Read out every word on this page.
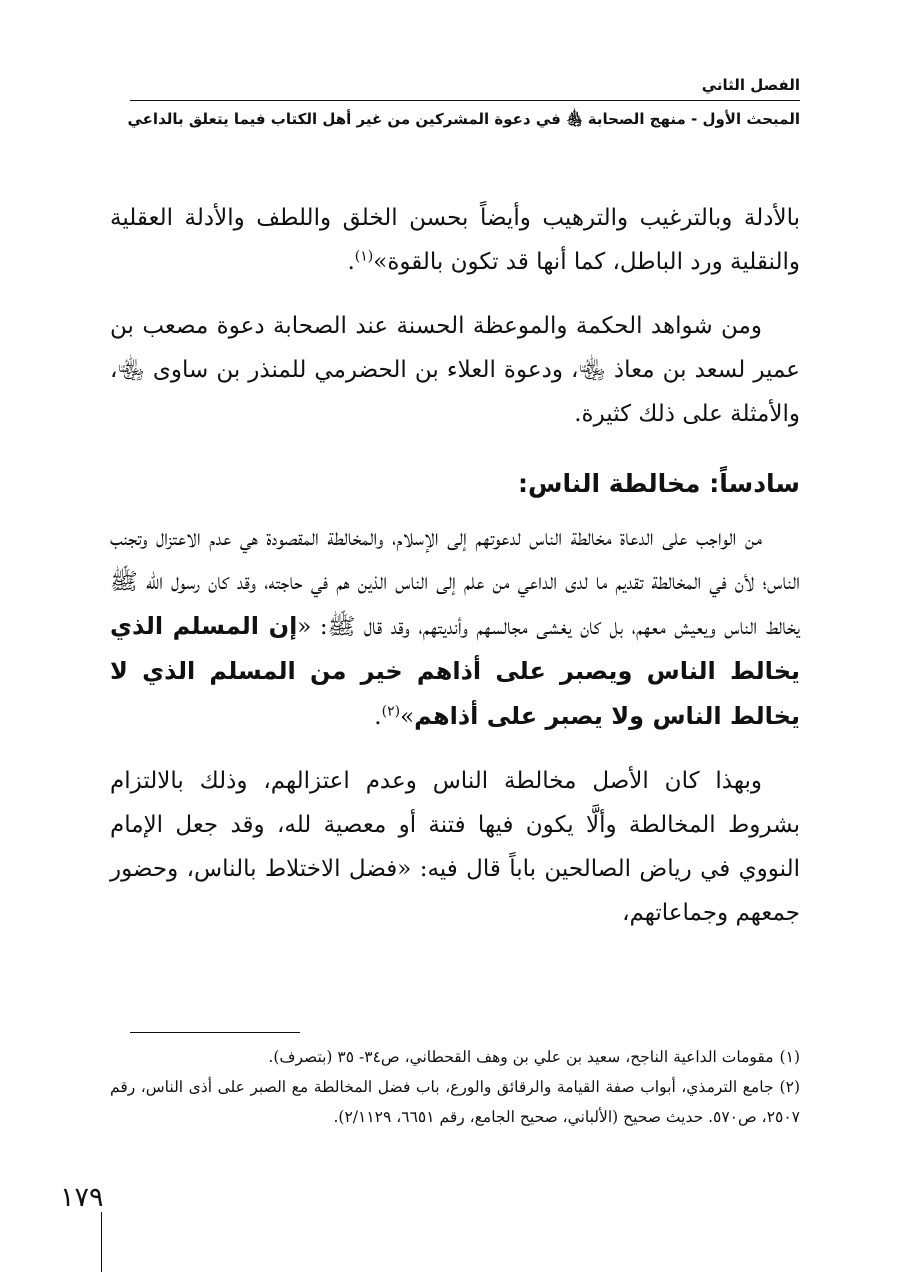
الفصل الثاني
المبحث الأول - منهج الصحابة ﵃ في دعوة المشركين من غير أهل الكتاب فيما يتعلق بالداعي

بالأدلة وبالترغيب والترهيب وأيضاً بحسن الخلق واللطف والأدلة العقلية والنقلية ورد الباطل، كما أنها قد تكون بالقوة»$^{(١)}$.

ومن شواهد الحكمة والموعظة الحسنة عند الصحابة دعوة مصعب بن عمير لسعد بن معاذ ﵄، ودعوة العلاء بن الحضرمي للمنذر بن ساوى ﵄، والأمثلة على ذلك كثيرة.

سادساً: مخالطة الناس:

من الواجب على الدعاة مخالطة الناس لدعوتهم إلى الإسلام، والمخالطة المقصودة هي عدم الاعتزال وتجنب الناس؛ لأن في المخالطة تقديم ما لدى الداعي من علم إلى الناس الذين هم في حاجته، وقد كان رسول الله ﷺ يخالط الناس ويعيش معهم، بل كان يغشى مجالسهم وأنديتهم، وقد قال ﷺ: «إن المسلم الذي يخالط الناس ويصبر على أذاهم خير من المسلم الذي لا يخالط الناس ولا يصبر على أذاهم»$^{(٢)}$.

وبهذا كان الأصل مخالطة الناس وعدم اعتزالهم، وذلك بالالتزام بشروط المخالطة وألَّا يكون فيها فتنة أو معصية لله، وقد جعل الإمام النووي في رياض الصالحين باباً قال فيه: «فضل الاختلاط بالناس، وحضور جمعهم وجماعاتهم،

(١)مقومات الداعية الناجح، سعيد بن علي بن وهف القحطاني، ص٣٤- ٣٥ (بتصرف).

(٢)جامع الترمذي، أبواب صفة القيامة والرقائق والورع، باب فضل المخالطة مع الصبر على أذى الناس، رقم ٢٥٠٧، ص٥٧٠. حديث صحيح (الألباني، صحيح الجامع، رقم ٦٦٥١، ٢/١١٢٩).

١٧٩
